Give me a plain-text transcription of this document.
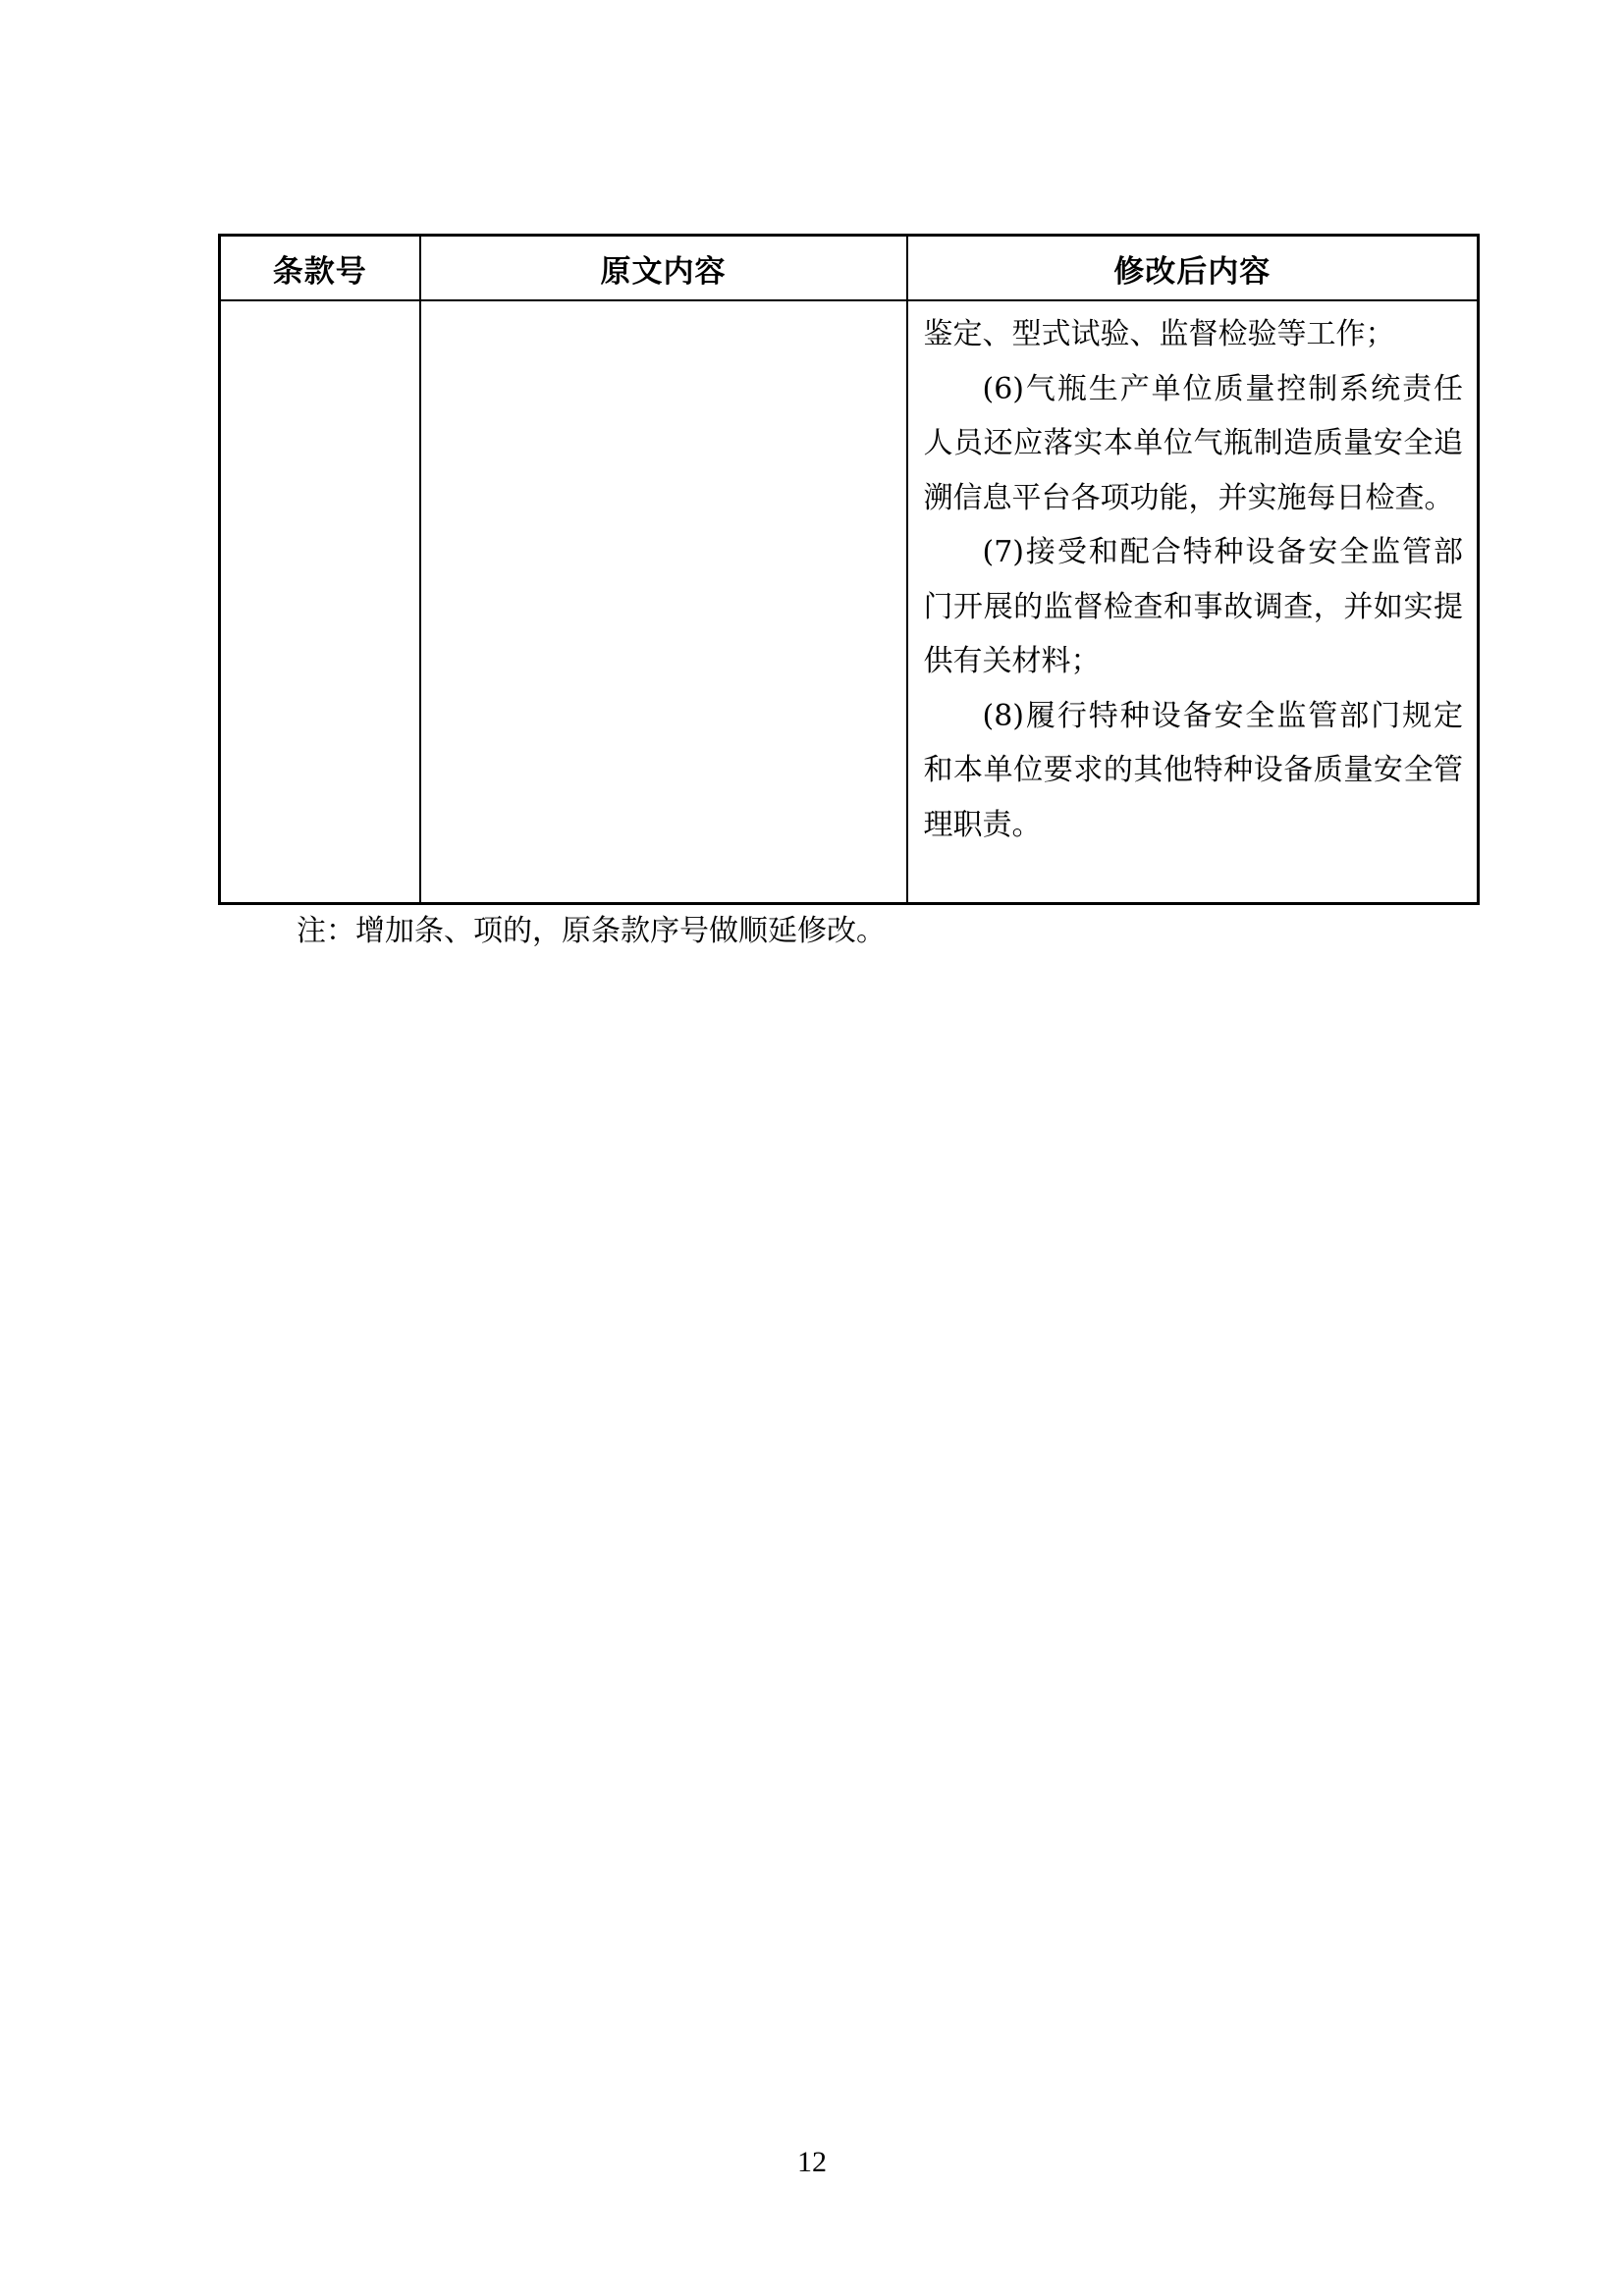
条款号	原文内容	修改后内容

		鉴定、型式试验、监督检验等工作；

(6)气瓶生产单位质量控制系统责任人员还应落实本单位气瓶制造质量安全追溯信息平台各项功能，并实施每日检查。

(7)接受和配合特种设备安全监管部门开展的监督检查和事故调查，并如实提供有关材料；

(8)履行特种设备安全监管部门规定和本单位要求的其他特种设备质量安全管理职责。

注：增加条、项的，原条款序号做顺延修改。
12
